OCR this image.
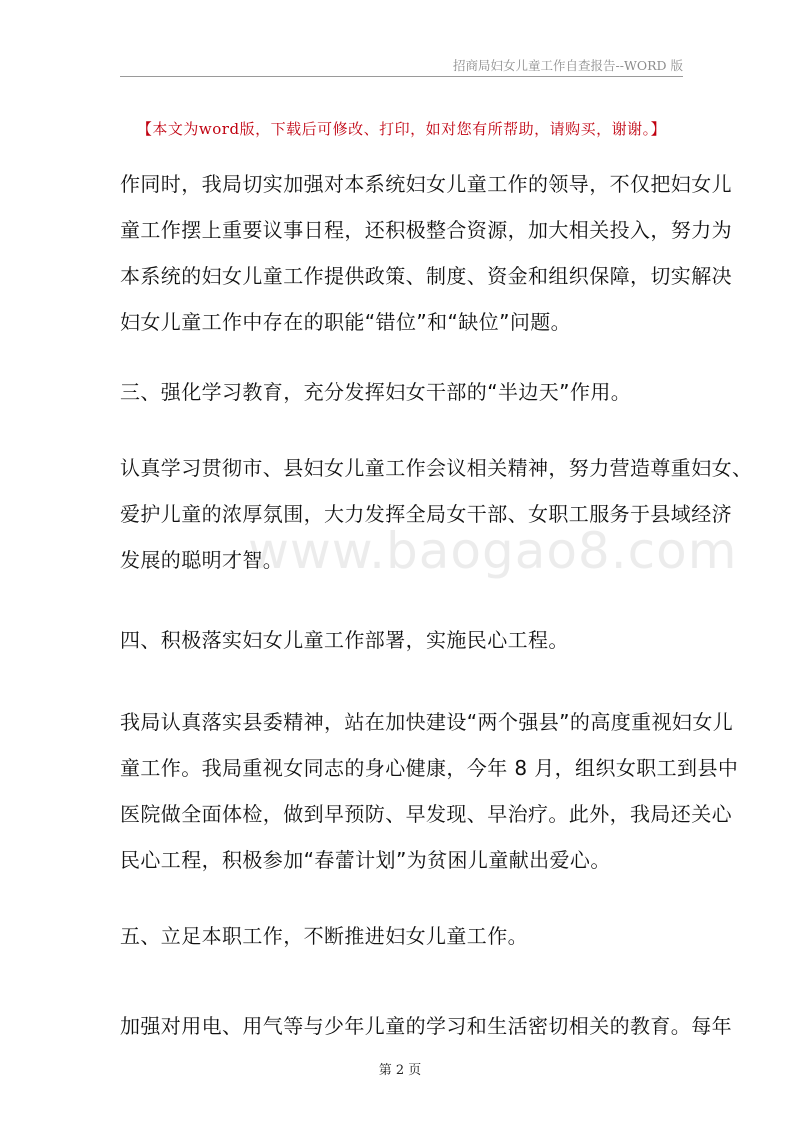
招商局妇女儿童工作自查报告--WORD 版
【本文为word版，下载后可修改、打印，如对您有所帮助，请购买，谢谢。】
www.baogao8.com
作同时，我局切实加强对本系统妇女儿童工作的领导，不仅把妇女儿
童工作摆上重要议事日程，还积极整合资源，加大相关投入，努力为
本系统的妇女儿童工作提供政策、制度、资金和组织保障，切实解决
妇女儿童工作中存在的职能“错位”和“缺位”问题。
三、强化学习教育，充分发挥妇女干部的“半边天”作用。
认真学习贯彻市、县妇女儿童工作会议相关精神，努力营造尊重妇女、
爱护儿童的浓厚氛围，大力发挥全局女干部、女职工服务于县域经济
发展的聪明才智。
四、积极落实妇女儿童工作部署，实施民心工程。
我局认真落实县委精神，站在加快建设“两个强县”的高度重视妇女儿
童工作。我局重视女同志的身心健康，今年 8 月，组织女职工到县中
医院做全面体检，做到早预防、早发现、早治疗。此外，我局还关心
民心工程，积极参加“春蕾计划”为贫困儿童献出爱心。
五、立足本职工作，不断推进妇女儿童工作。
加强对用电、用气等与少年儿童的学习和生活密切相关的教育。每年
第 2 页
